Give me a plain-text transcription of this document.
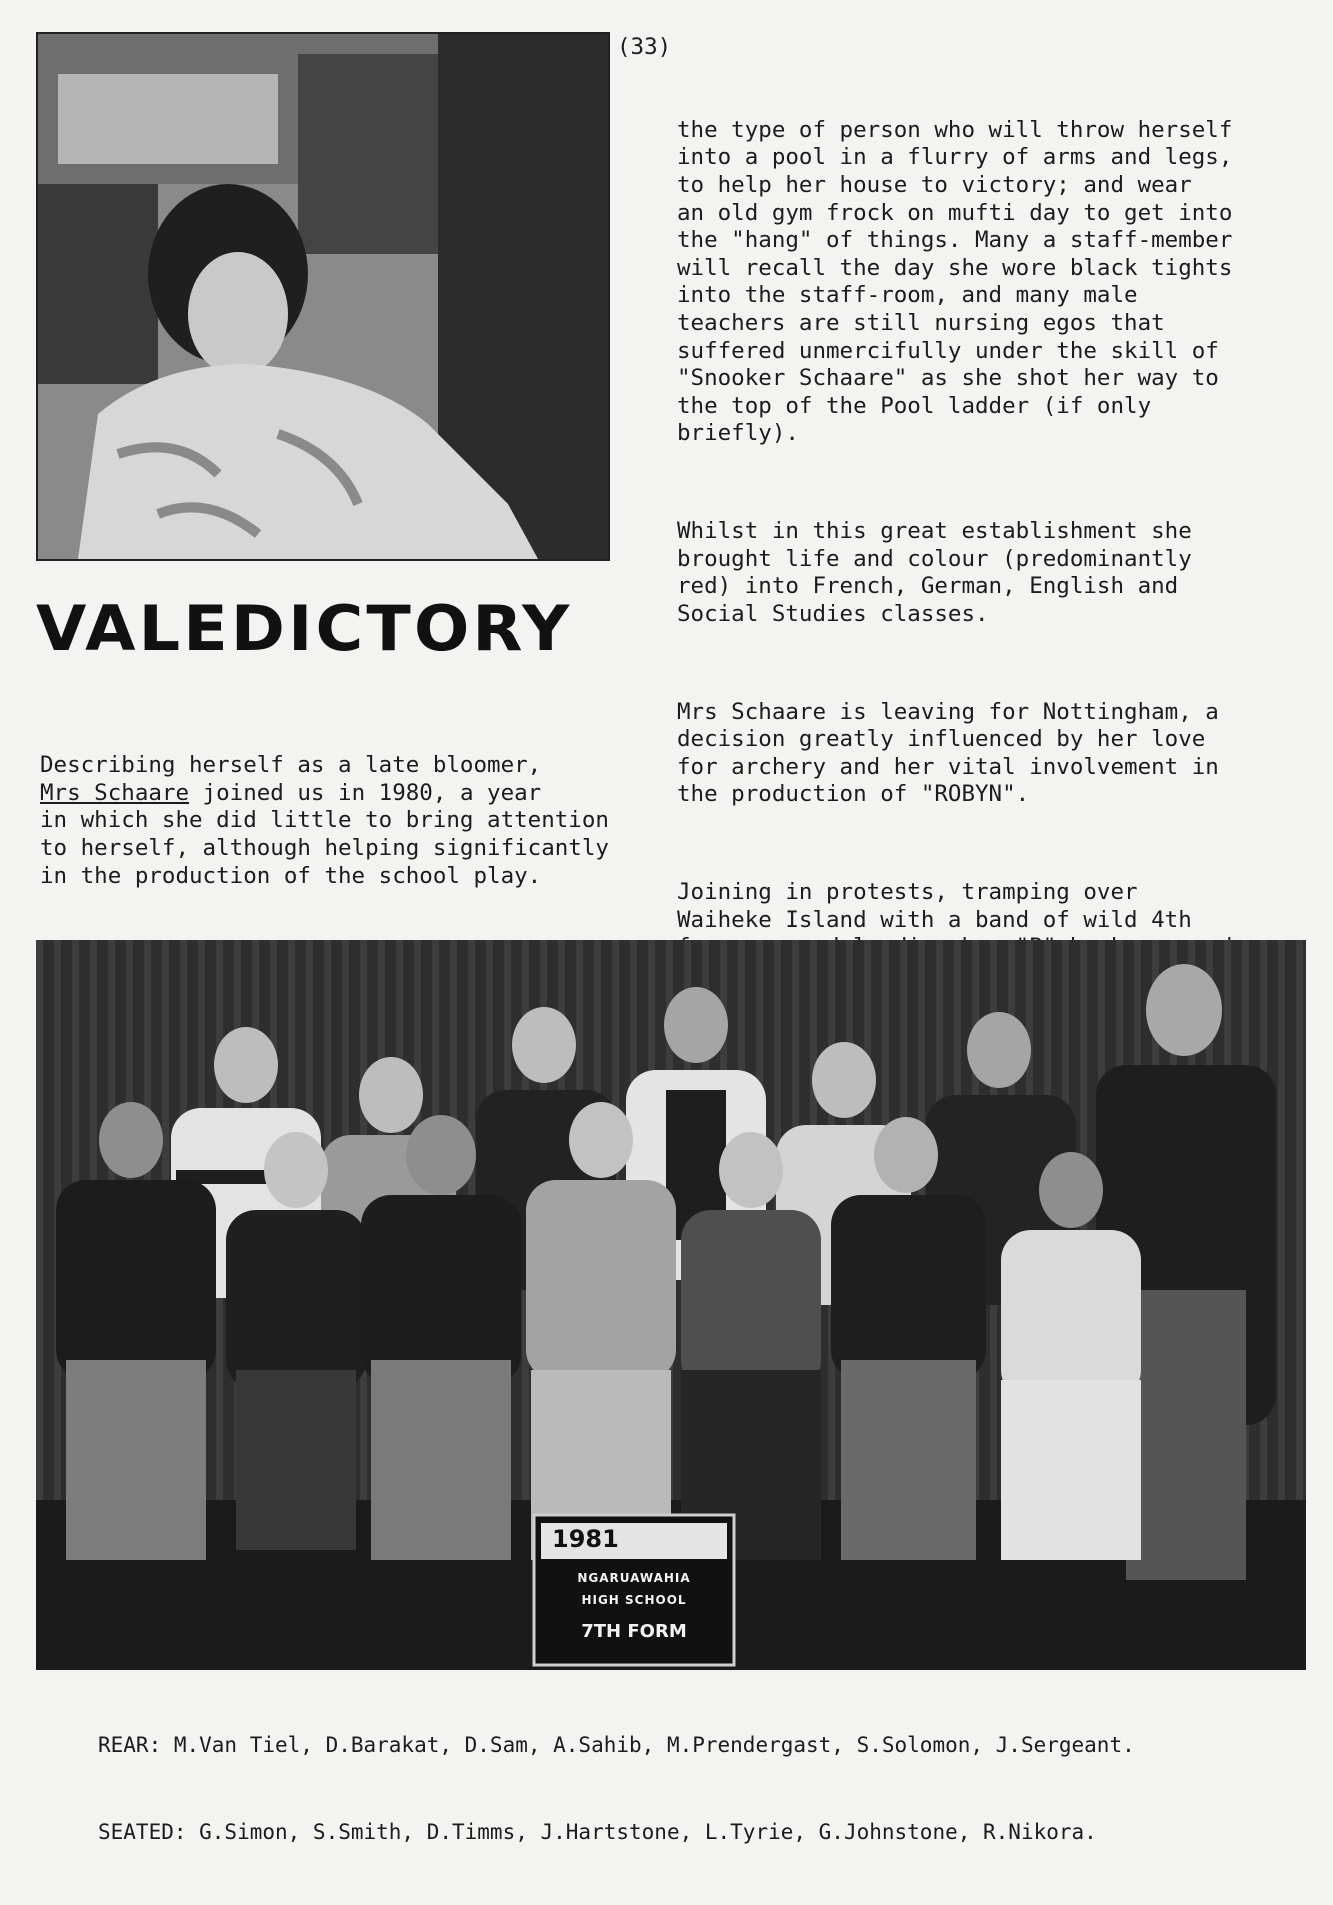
VALEDICTORY

Describing herself as a late bloomer,
Mrs Schaare joined us in 1980, a year
in which she did little to bring attention
to herself, although helping significantly
in the production of the school play.

(33)

the type of person who will throw herself
into a pool in a flurry of arms and legs,
to help her house to victory; and wear
an old gym frock on mufti day to get into
the "hang" of things. Many a staff-member
will recall the day she wore black tights
into the staff-room, and many male
teachers are still nursing egos that
suffered unmercifully under the skill of
"Snooker Schaare" as she shot her way to
the top of the Pool ladder (if only
briefly).

Whilst in this great establishment she
brought life and colour (predominantly
red) into French, German, English and
Social Studies classes.

Mrs Schaare is leaving for Nottingham, a
decision greatly influenced by her love
for archery and her vital involvement in
the production of "ROBYN".

Joining in protests, tramping over
Waiheke Island with a band of wild 4th

1981
NGARUAWAHIA
HIGH SCHOOL
7TH FORM

REAR: M.Van Tiel, D.Barakat, D.Sam, A.Sahib, M.Prendergast, S.Solomon, J.Sergeant.

SEATED: G.Simon, S.Smith, D.Timms, J.Hartstone, L.Tyrie, G.Johnstone, R.Nikora.
